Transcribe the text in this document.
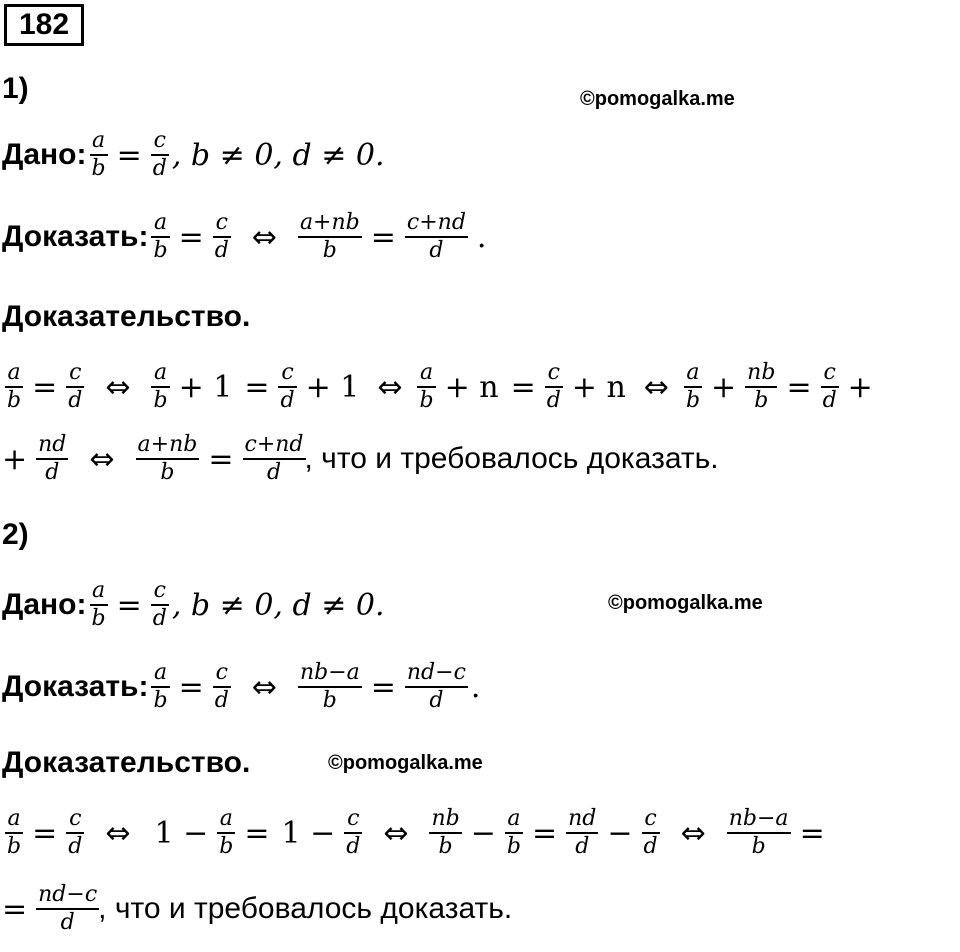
182
1)	©pomogalka.me
Дано: $\frac{a}{b} = \frac{c}{d}$ , b ≠ 0, d ≠ 0.
Доказать: $\frac{a}{b} = \frac{c}{d}$ ⇔ $\frac{a+nb}{b} = \frac{c+nd}{d}$ .
Доказательство.
$\frac{a}{b} = \frac{c}{d}$ ⇔ $\frac{a}{b} + 1 = \frac{c}{d} + 1$ ⇔ $\frac{a}{b} + n = \frac{c}{d} + n$ ⇔ $\frac{a}{b} + \frac{nb}{b} = \frac{c}{d}$ +
+ $\frac{nd}{d}$ ⇔ $\frac{a+nb}{b} = \frac{c+nd}{d}$ , что и требовалось доказать.
2)
Дано: $\frac{a}{b} = \frac{c}{d}$ , b ≠ 0, d ≠ 0.	©pomogalka.me
Доказать: $\frac{a}{b} = \frac{c}{d}$ ⇔ $\frac{nb-a}{b} = \frac{nd-c}{d}$ .
Доказательство.	©pomogalka.me
$\frac{a}{b} = \frac{c}{d}$ ⇔ $1 - \frac{a}{b} = 1 - \frac{c}{d}$ ⇔ $\frac{nb}{b} - \frac{a}{b} = \frac{nd}{d} - \frac{c}{d}$ ⇔ $\frac{nb-a}{b}$ =
= $\frac{nd-c}{d}$ , что и требовалось доказать.
